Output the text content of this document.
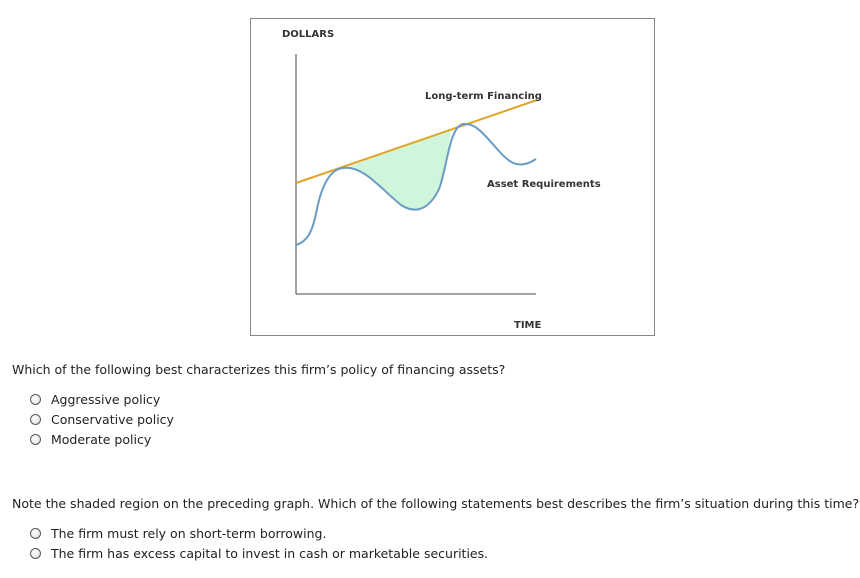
DOLLARS
TIME
Long-term Financing
Asset Requirements
Which of the following best characterizes this firm’s policy of financing assets?
Aggressive policy
Conservative policy
Moderate policy
Note the shaded region on the preceding graph. Which of the following statements best describes the firm’s situation during this time?
The firm must rely on short-term borrowing.
The firm has excess capital to invest in cash or marketable securities.
